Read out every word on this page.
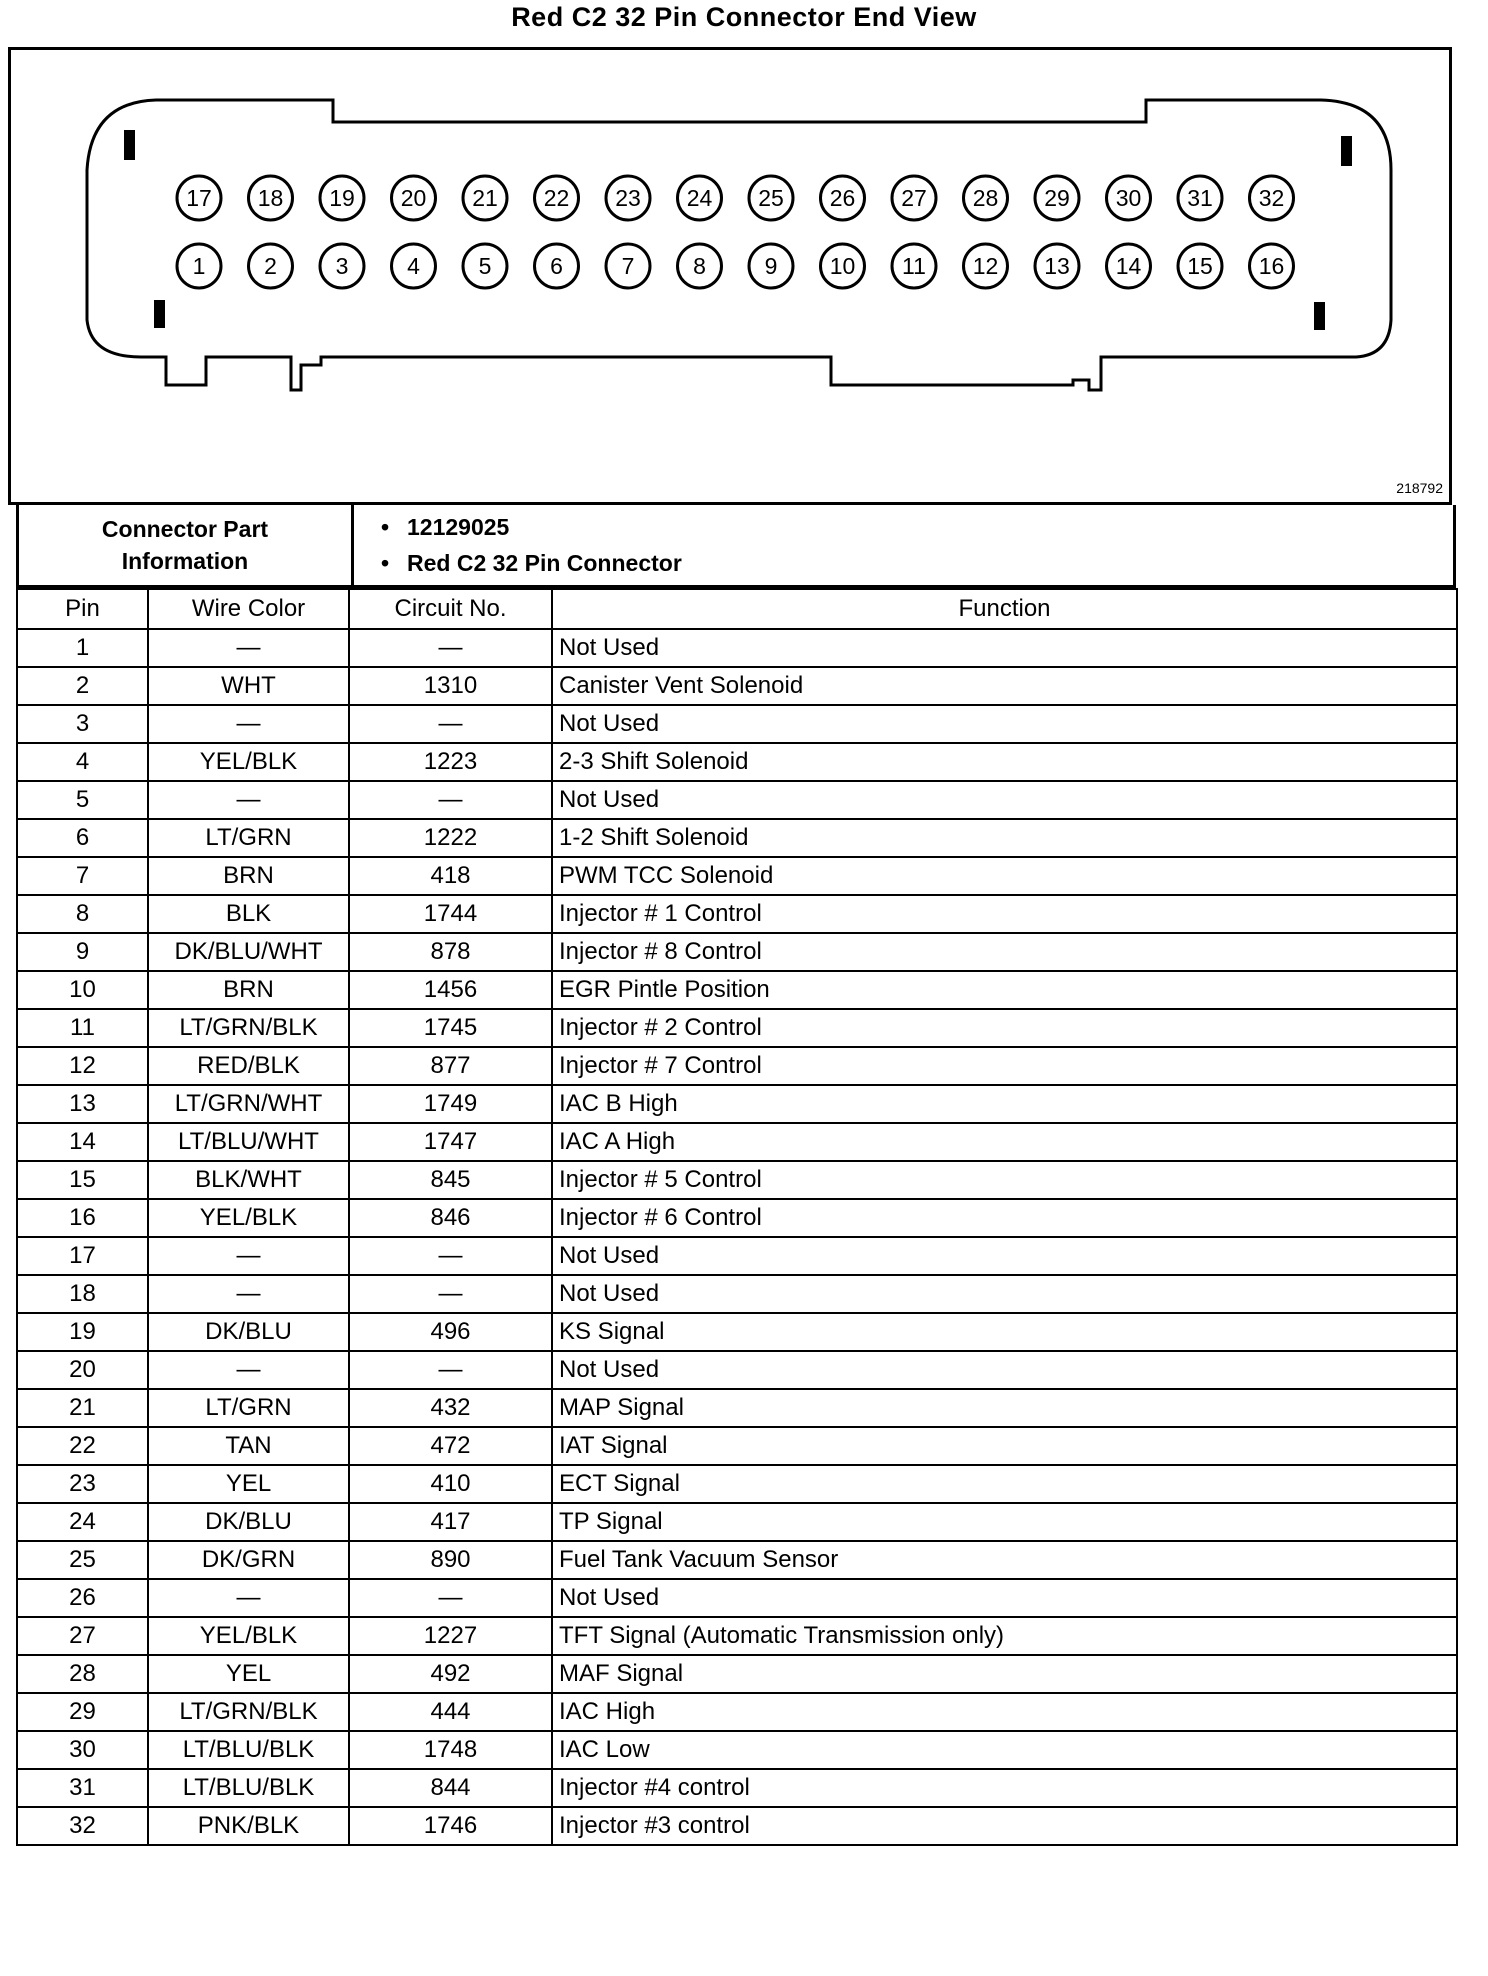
Red C2 32 Pin Connector End View
17 18 19 20 21 22 23 24 25 26 27 28 29 30 31 32
1	2	3	4	5	6	7	8	9 10 11 12 13 14 15 16
218792
Connector Part
Information
• 12129025
• Red C2 32 Pin Connector
Pin	Wire Color	Circuit No.	Function
1	—	—	Not Used
2	WHT	1310	Canister Vent Solenoid
3	—	—	Not Used
4	YEL/BLK	1223	2-3 Shift Solenoid
5	—	—	Not Used
6	LT/GRN	1222	1-2 Shift Solenoid
7	BRN	418	PWM TCC Solenoid
8	BLK	1744	Injector # 1 Control
9	DK/BLU/WHT	878	Injector # 8 Control
10	BRN	1456	EGR Pintle Position
11	LT/GRN/BLK	1745	Injector # 2 Control
12	RED/BLK	877	Injector # 7 Control
13	LT/GRN/WHT	1749	IAC B High
14	LT/BLU/WHT	1747	IAC A High
15	BLK/WHT	845	Injector # 5 Control
16	YEL/BLK	846	Injector # 6 Control
17	—	—	Not Used
18	—	—	Not Used
19	DK/BLU	496	KS Signal
20	—	—	Not Used
21	LT/GRN	432	MAP Signal
22	TAN	472	IAT Signal
23	YEL	410	ECT Signal
24	DK/BLU	417	TP Signal
25	DK/GRN	890	Fuel Tank Vacuum Sensor
26	—	—	Not Used
27	YEL/BLK	1227	TFT Signal (Automatic Transmission only)
28	YEL	492	MAF Signal
29	LT/GRN/BLK	444	IAC High
30	LT/BLU/BLK	1748	IAC Low
31	LT/BLU/BLK	844	Injector #4 control
32	PNK/BLK	1746	Injector #3 control
